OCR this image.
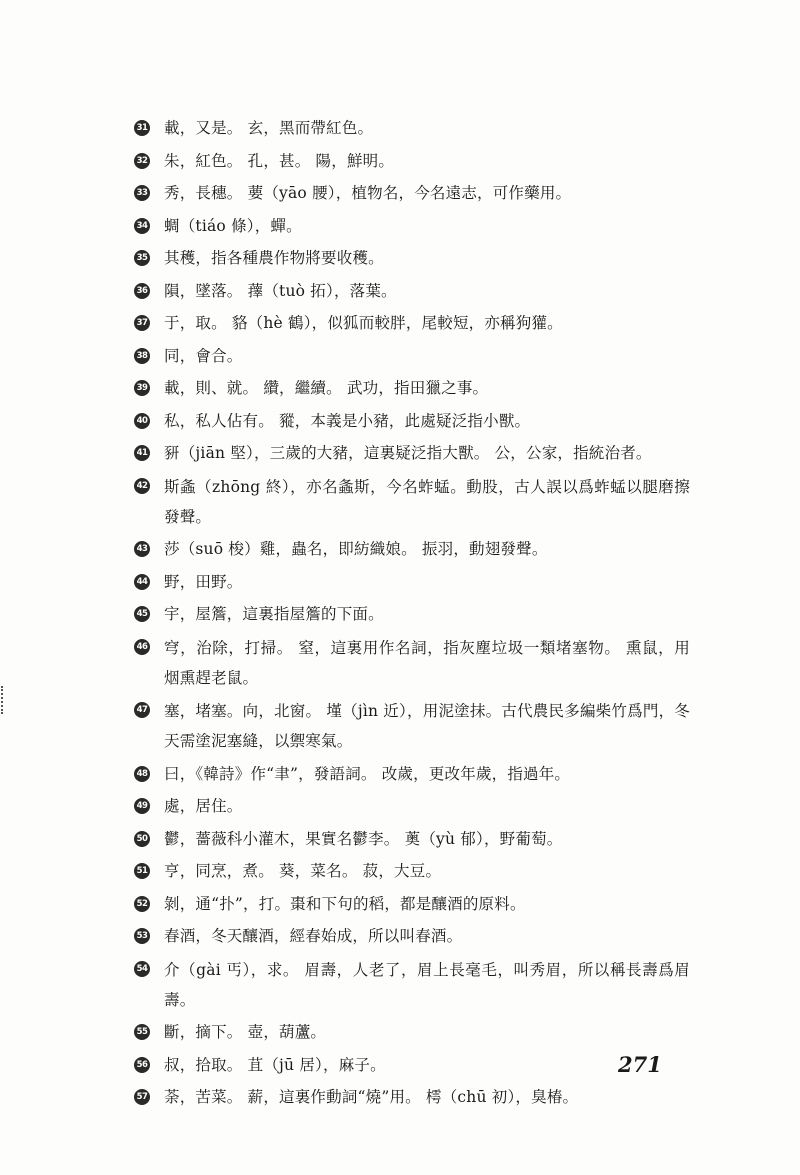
31 載，又是。 玄，黑而帶紅色。
32 朱，紅色。 孔，甚。 陽，鮮明。
33 秀，長穗。 葽（yāo 腰），植物名，今名遠志，可作藥用。
34 蜩（tiáo 條），蟬。
35 其穫，指各種農作物將要收穫。
36 隕，墜落。 蘀（tuò 拓），落葉。
37 于，取。 貉（hè 鶴），似狐而較胖，尾較短，亦稱狗獾。
38 同，會合。
39 載，則、就。 纘，繼續。 武功，指田獵之事。
40 私，私人佔有。 豵，本義是小豬，此處疑泛指小獸。
41 豜（jiān 堅），三歲的大豬，這裏疑泛指大獸。 公，公家，指統治者。
42 斯螽（zhōng 終），亦名螽斯，今名蚱蜢。動股，古人誤以爲蚱蜢以腿磨擦發聲。
43 莎（suō 梭）雞，蟲名，即紡織娘。 振羽，動翅發聲。
44 野，田野。
45 宇，屋簷，這裏指屋簷的下面。
46 穹，治除，打掃。 窒，這裏用作名詞，指灰塵垃圾一類堵塞物。 熏鼠，用烟熏趕老鼠。
47 塞，堵塞。向，北窗。 墐（jìn 近），用泥塗抹。古代農民多編柴竹爲門，冬天需塗泥塞縫，以禦寒氣。
48 曰，《韓詩》作“聿”，發語詞。 改歲，更改年歲，指過年。
49 處，居住。
50 鬱，薔薇科小灌木，果實名鬱李。 薁（yù 郁），野葡萄。
51 亨，同烹，煮。 葵，菜名。 菽，大豆。
52 剝，通“扑”，打。棗和下句的稻，都是釀酒的原料。
53 春酒，冬天釀酒，經春始成，所以叫春酒。
54 介（gài 丐），求。 眉壽，人老了，眉上長毫毛，叫秀眉，所以稱長壽爲眉壽。
55 斷，摘下。 壺，葫蘆。
56 叔，拾取。 苴（jū 居），麻子。
57 荼，苦菜。 薪，這裏作動詞“燒”用。 樗（chū 初），臭椿。
271
